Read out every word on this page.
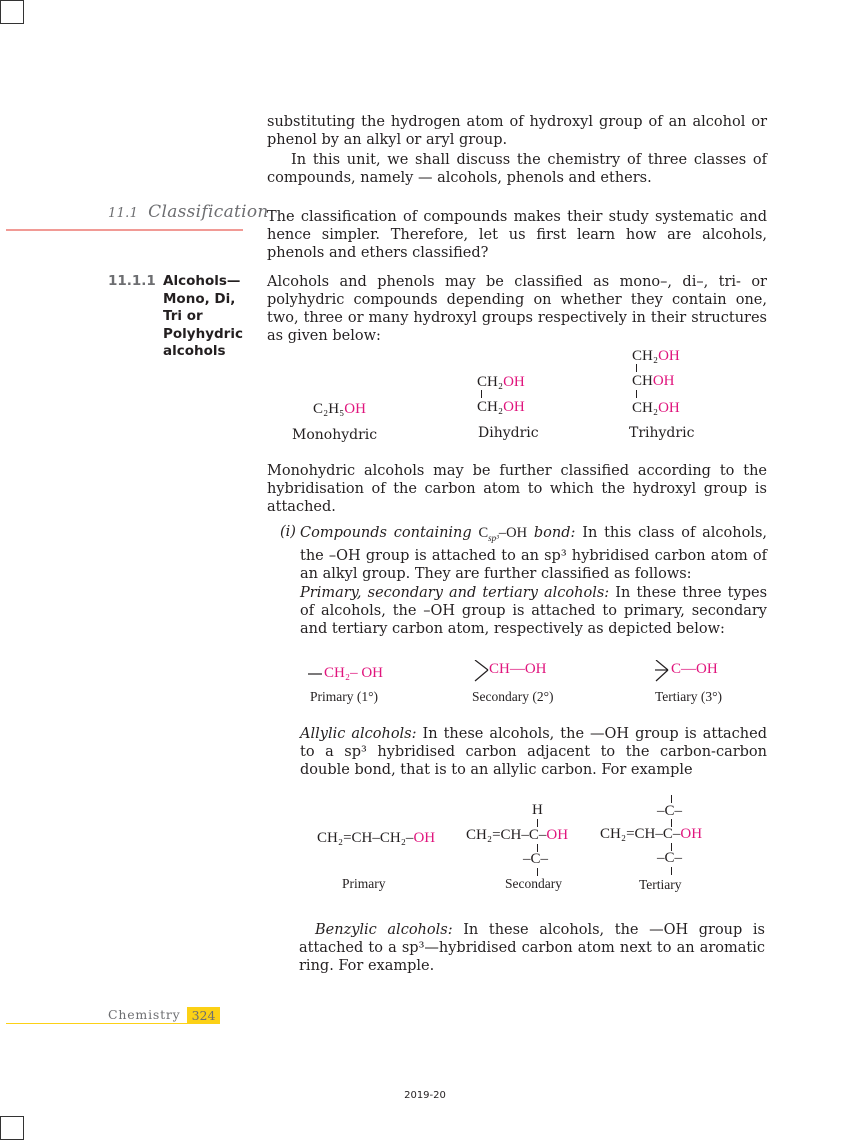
substituting the hydrogen atom of hydroxyl group of an alcohol or phenol by an alkyl or aryl group.

In this unit, we shall discuss the chemistry of three classes of compounds, namely — alcohols, phenols and ethers.

11.1 Classification
The classification of compounds makes their study systematic and hence simpler. Therefore, let us first learn how are alcohols, phenols and ethers classified?
11.1.1 Alcohols—
Mono, Di,
Tri or
Polyhydric
alcohols
Alcohols and phenols may be classified as mono–, di–, tri- or polyhydric compounds depending on whether they contain one, two, three or many hydroxyl groups respectively in their structures as given below:
C₂H₅OH
Monohydric
CH₂OH
CH₂OH
Dihydric
CH₂OH
CHOH
CH₂OH
Trihydric
Monohydric alcohols may be further classified according to the hybridisation of the carbon atom to which the hydroxyl group is attached.
(i) Compounds containing $C_{sp^3}-OH$ bond: In this class of alcohols, the –OH group is attached to an sp³ hybridised carbon atom of an alkyl group. They are further classified as follows:

Primary, secondary and tertiary alcohols: In these three types of alcohols, the –OH group is attached to primary, secondary and tertiary carbon atom, respectively as depicted below:

CH₂– OH	CH—OH	C—OH
Primary (1°)	Secondary (2°)	Tertiary (3°)

Allylic alcohols: In these alcohols, the —OH group is attached to a sp³ hybridised carbon adjacent to the carbon-carbon double bond, that is to an allylic carbon. For example

CH₂=CH–CH₂–OH
Primary
H
CH₂=CH–C–OH
–C–
Secondary
–C–
CH₂=CH–C–OH
–C–
Tertiary

Benzylic alcohols: In these alcohols, the —OH group is attached to a sp³—hybridised carbon atom next to an aromatic ring. For example.

Chemistry 324
2019-20
